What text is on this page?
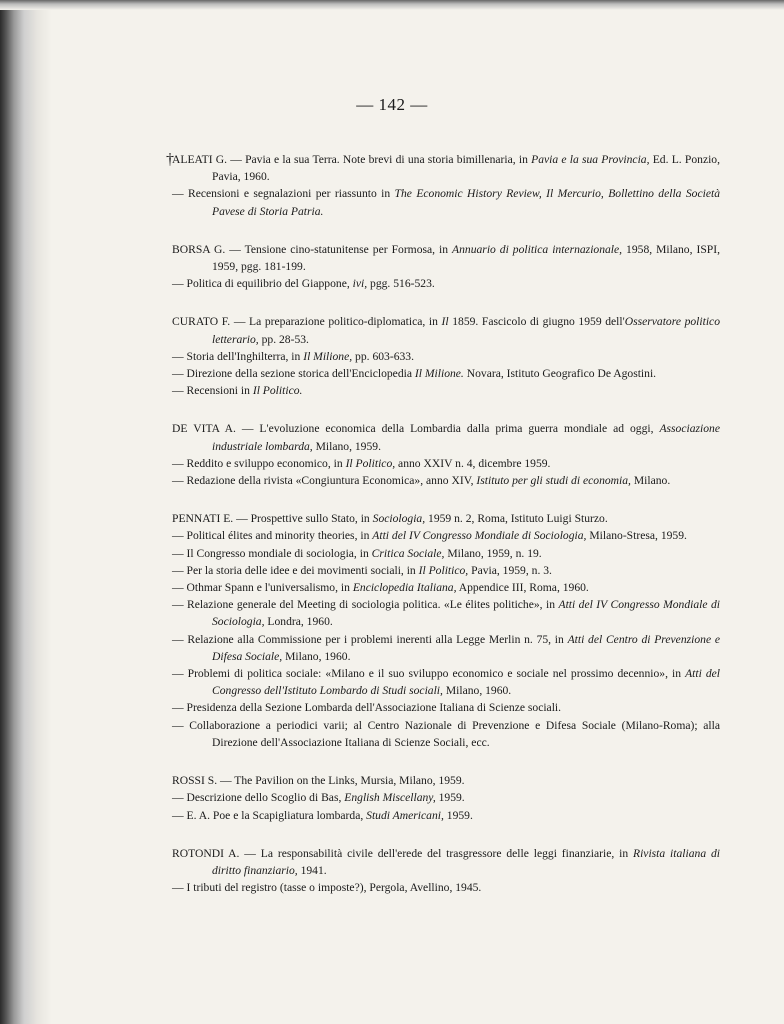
— 142 —
†
ALEATI G. — Pavia e la sua Terra. Note brevi di una storia bimillenaria, in Pavia e la sua Provincia, Ed. L. Ponzio, Pavia, 1960.
— Recensioni e segnalazioni per riassunto in The Economic History Review, Il Mercurio, Bollettino della Società Pavese di Storia Patria.
BORSA G. — Tensione cino-statunitense per Formosa, in Annuario di politica internazionale, 1958, Milano, ISPI, 1959, pgg. 181-199.
— Politica di equilibrio del Giappone, ivi, pgg. 516-523.
CURATO F. — La preparazione politico-diplomatica, in Il 1859. Fascicolo di giugno 1959 dell'Osservatore politico letterario, pp. 28-53.
— Storia dell'Inghilterra, in Il Milione, pp. 603-633.
— Direzione della sezione storica dell'Enciclopedia Il Milione. Novara, Istituto Geografico De Agostini.
— Recensioni in Il Politico.
DE VITA A. — L'evoluzione economica della Lombardia dalla prima guerra mondiale ad oggi, Associazione industriale lombarda, Milano, 1959.
— Reddito e sviluppo economico, in Il Politico, anno XXIV n. 4, dicembre 1959.
— Redazione della rivista «Congiuntura Economica», anno XIV, Istituto per gli studi di economia, Milano.
PENNATI E. — Prospettive sullo Stato, in Sociologia, 1959 n. 2, Roma, Istituto Luigi Sturzo.
— Political élites and minority theories, in Atti del IV Congresso Mondiale di Sociologia, Milano-Stresa, 1959.
— Il Congresso mondiale di sociologia, in Critica Sociale, Milano, 1959, n. 19.
— Per la storia delle idee e dei movimenti sociali, in Il Politico, Pavia, 1959, n. 3.
— Othmar Spann e l'universalismo, in Enciclopedia Italiana, Appendice III, Roma, 1960.
— Relazione generale del Meeting di sociologia politica. «Le élites politiche», in Atti del IV Congresso Mondiale di Sociologia, Londra, 1960.
— Relazione alla Commissione per i problemi inerenti alla Legge Merlin n. 75, in Atti del Centro di Prevenzione e Difesa Sociale, Milano, 1960.
— Problemi di politica sociale: «Milano e il suo sviluppo economico e sociale nel prossimo decennio», in Atti del Congresso dell'Istituto Lombardo di Studi sociali, Milano, 1960.
— Presidenza della Sezione Lombarda dell'Associazione Italiana di Scienze sociali.
— Collaborazione a periodici varii; al Centro Nazionale di Prevenzione e Difesa Sociale (Milano-Roma); alla Direzione dell'Associazione Italiana di Scienze Sociali, ecc.
ROSSI S. — The Pavilion on the Links, Mursia, Milano, 1959.
— Descrizione dello Scoglio di Bas, English Miscellany, 1959.
— E. A. Poe e la Scapigliatura lombarda, Studi Americani, 1959.
ROTONDI A. — La responsabilità civile dell'erede del trasgressore delle leggi finanziarie, in Rivista italiana di diritto finanziario, 1941.
— I tributi del registro (tasse o imposte?), Pergola, Avellino, 1945.
